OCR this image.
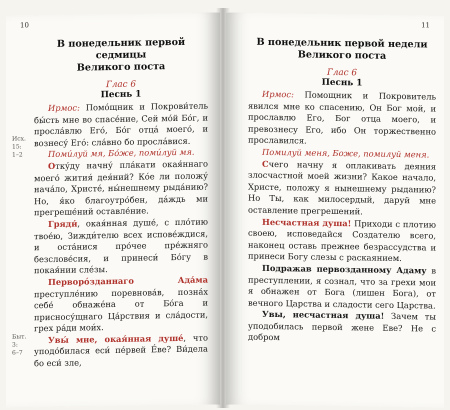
10
В понедельник первой седмицы
Великого поста
Глас 6
Песнь 1
Исх. 15:
1–2
Быт. 3:
6–7

Ирмос: Помо́щник и Покрови́тель бы́сть мне во спасе́ние, Сей мо́й Бо́г, и просла́влю Его́, Бо́г отца́ моего́, и вознесу́ Его́: сла́вно бо просла́вися.

Поми́луй мя, Бо́же, поми́луй мя.

Отку́ду начну́ пла́кати окая́ннаго моего́ жития́ дея́ний? Ко́е ли положу́ нача́ло, Христе́, ны́нешнему рыда́нию? Но, я́ко благоутро́бен, да́ждь ми прегреше́ний оставле́ние.

Гряди́, окая́нная душе́, с пло́тию твое́ю, Зижди́телю всех испове́ждися, и оста́нися про́чее пре́жняго безсловéсия, и принеси́ Бо́гу в покая́нии сле́зы.

Перворо́зданнаго Ада́ма преступле́нию поревнова́в, позна́х себе́ обнаже́на от Бо́га и присносу́щнаго Ца́рствия и сла́дости, грех ра́ди мои́х.

Увы́ мне, окая́нная душе́, что уподо́билася еси́ пе́рвей Е́ве? Ви́дела бо еси́ зле,

11
В понедельник первой недели
Великого поста
Глас 6
Песнь 1

Ирмос: Помощник и Покровитель явился мне ко спасению, Он Бог мой, и прославлю Его, Бог отца моего, и превознесу Его, ибо Он торжественно прославился.

Помилуй меня, Боже, помилуй меня.

Счего начну я оплакивать деяния злосчастной моей жизни? Какое начало, Христе, положу я нынешнему рыданию? Но Ты, как милосердый, даруй мне оставление прегрешений.

Несчастная душа! Приходи с плотию своею, исповедайся Создателю всего, наконец оставь прежнее безрассудства и принеси Богу слезы с раскаянием.

Подражав первозданному Адаму в преступлении, я сознал, что за грехи мои я обнажен от Бога (лишен Бога), от вечного Царства и сладости сего Царства.

Увы, несчастная душа! Зачем ты уподобилась первой жене Еве? Не с добром
